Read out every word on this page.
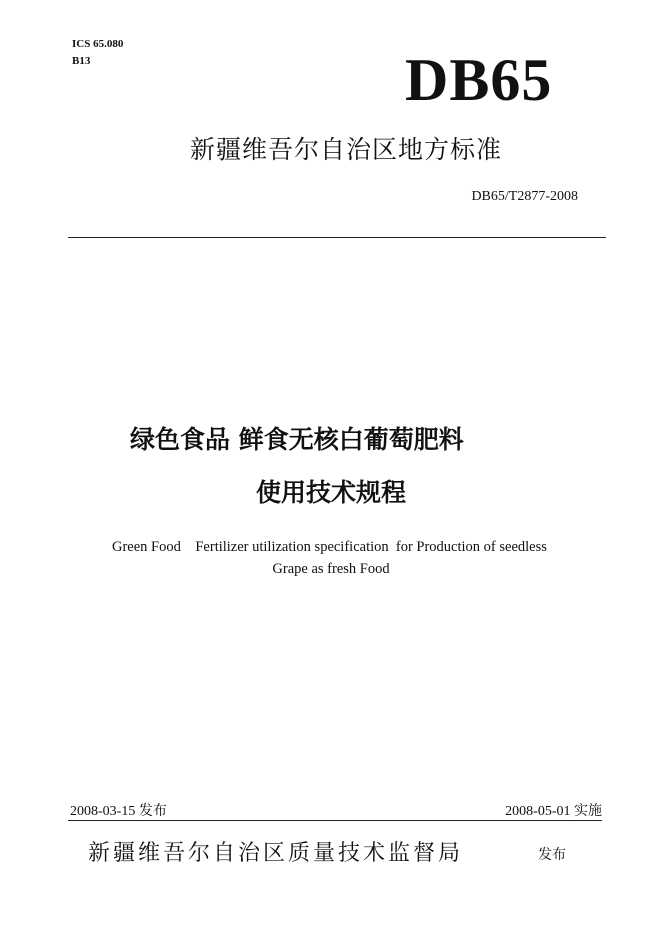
ICS 65.080
B13	DB65
新疆维吾尔自治区地方标准
DB65/T2877-2008
绿色食品 鲜食无核白葡萄肥料
使用技术规程
Green Food    Fertilizer utilization specification  for Production of seedless
Grape as fresh Food
2008-03-15 发布	2008-05-01 实施
新疆维吾尔自治区质量技术监督局	发布
